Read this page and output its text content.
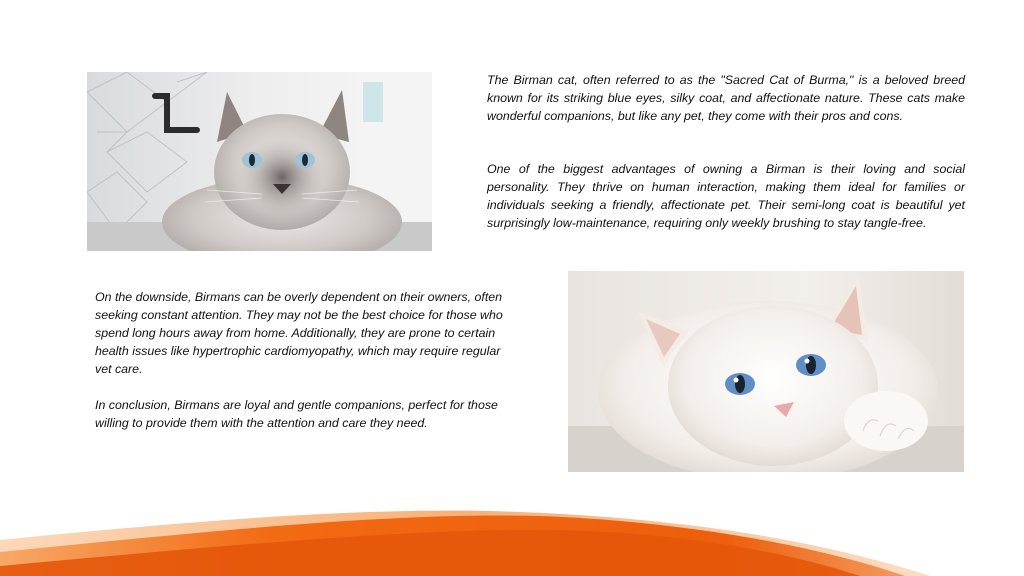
The Birman cat, often referred to as the "Sacred Cat of Burma," is a beloved breed known for its striking blue eyes, silky coat, and affectionate nature. These cats make wonderful companions, but like any pet, they come with their pros and cons.

One of the biggest advantages of owning a Birman is their loving and social personality. They thrive on human interaction, making them ideal for families or individuals seeking a friendly, affectionate pet. Their semi-long coat is beautiful yet surprisingly low-maintenance, requiring only weekly brushing to stay tangle-free.

On the downside, Birmans can be overly dependent on their owners, often seeking constant attention. They may not be the best choice for those who spend long hours away from home. Additionally, they are prone to certain health issues like hypertrophic cardiomyopathy, which may require regular vet care.

In conclusion, Birmans are loyal and gentle companions, perfect for those willing to provide them with the attention and care they need.
